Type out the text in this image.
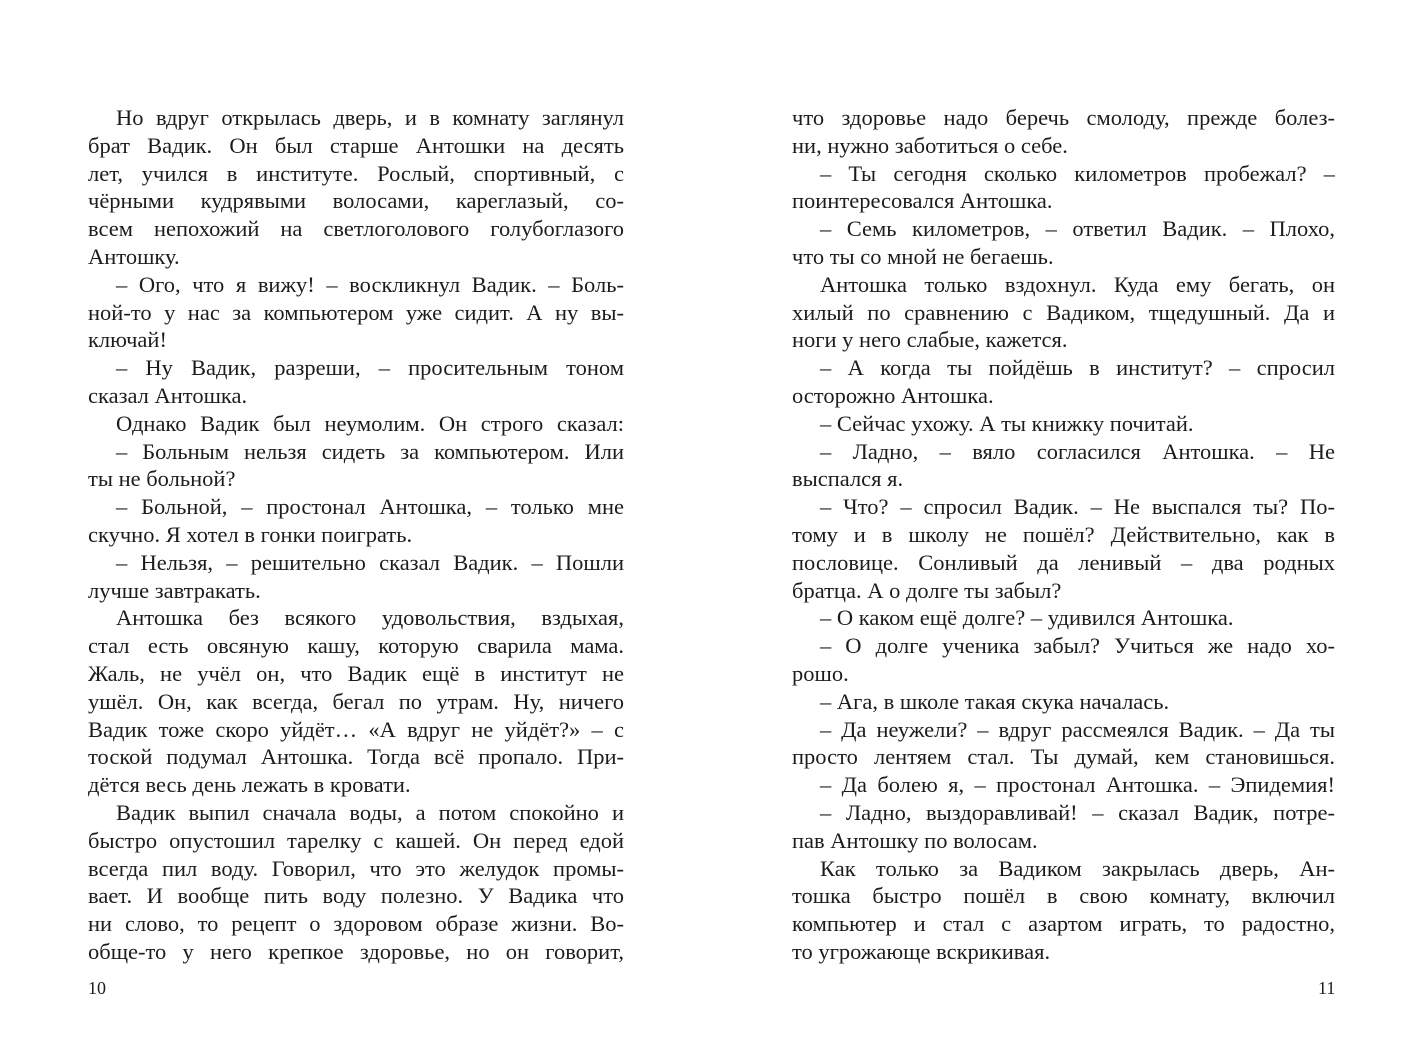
Но вдруг открылась дверь, и в комнату заглянул
брат Вадик. Он был старше Антошки на десять
лет, учился в институте. Рослый, спортивный, с
чёрными кудрявыми волосами, кареглазый, со-
всем непохожий на светлоголового голубоглазого
Антошку.
– Ого, что я вижу! – воскликнул Вадик. – Боль-
ной-то у нас за компьютером уже сидит. А ну вы-
ключай!
– Ну Вадик, разреши, – просительным тоном
сказал Антошка.
Однако Вадик был неумолим. Он строго сказал:
– Больным нельзя сидеть за компьютером. Или
ты не больной?
– Больной, – простонал Антошка, – только мне
скучно. Я хотел в гонки поиграть.
– Нельзя, – решительно сказал Вадик. – Пошли
лучше завтракать.
Антошка без всякого удовольствия, вздыхая,
стал есть овсяную кашу, которую сварила мама.
Жаль, не учёл он, что Вадик ещё в институт не
ушёл. Он, как всегда, бегал по утрам. Ну, ничего
Вадик тоже скоро уйдёт… «А вдруг не уйдёт?» – с
тоской подумал Антошка. Тогда всё пропало. При-
дётся весь день лежать в кровати.
Вадик выпил сначала воды, а потом спокойно и
быстро опустошил тарелку с кашей. Он перед едой
всегда пил воду. Говорил, что это желудок промы-
вает. И вообще пить воду полезно. У Вадика что
ни слово, то рецепт о здоровом образе жизни. Во-
обще-то у него крепкое здоровье, но он говорит,
что здоровье надо беречь смолоду, прежде болез-
ни, нужно заботиться о себе.
– Ты сегодня сколько километров пробежал? –
поинтересовался Антошка.
– Семь километров, – ответил Вадик. – Плохо,
что ты со мной не бегаешь.
Антошка только вздохнул. Куда ему бегать, он
хилый по сравнению с Вадиком, тщедушный. Да и
ноги у него слабые, кажется.
– А когда ты пойдёшь в институт? – спросил
осторожно Антошка.
– Сейчас ухожу. А ты книжку почитай.
– Ладно, – вяло согласился Антошка. – Не
выспался я.
– Что? – спросил Вадик. – Не выспался ты? По-
тому и в школу не пошёл? Действительно, как в
пословице. Сонливый да ленивый – два родных
братца. А о долге ты забыл?
– О каком ещё долге? – удивился Антошка.
– О долге ученика забыл? Учиться же надо хо-
рошо.
– Ага, в школе такая скука началась.
– Да неужели? – вдруг рассмеялся Вадик. – Да ты
просто лентяем стал. Ты думай, кем становишься.
– Да болею я, – простонал Антошка. – Эпидемия!
– Ладно, выздоравливай! – сказал Вадик, потре-
пав Антошку по волосам.
Как только за Вадиком закрылась дверь, Ан-
тошка быстро пошёл в свою комнату, включил
компьютер и стал с азартом играть, то радостно,
то угрожающе вскрикивая.
10	11
